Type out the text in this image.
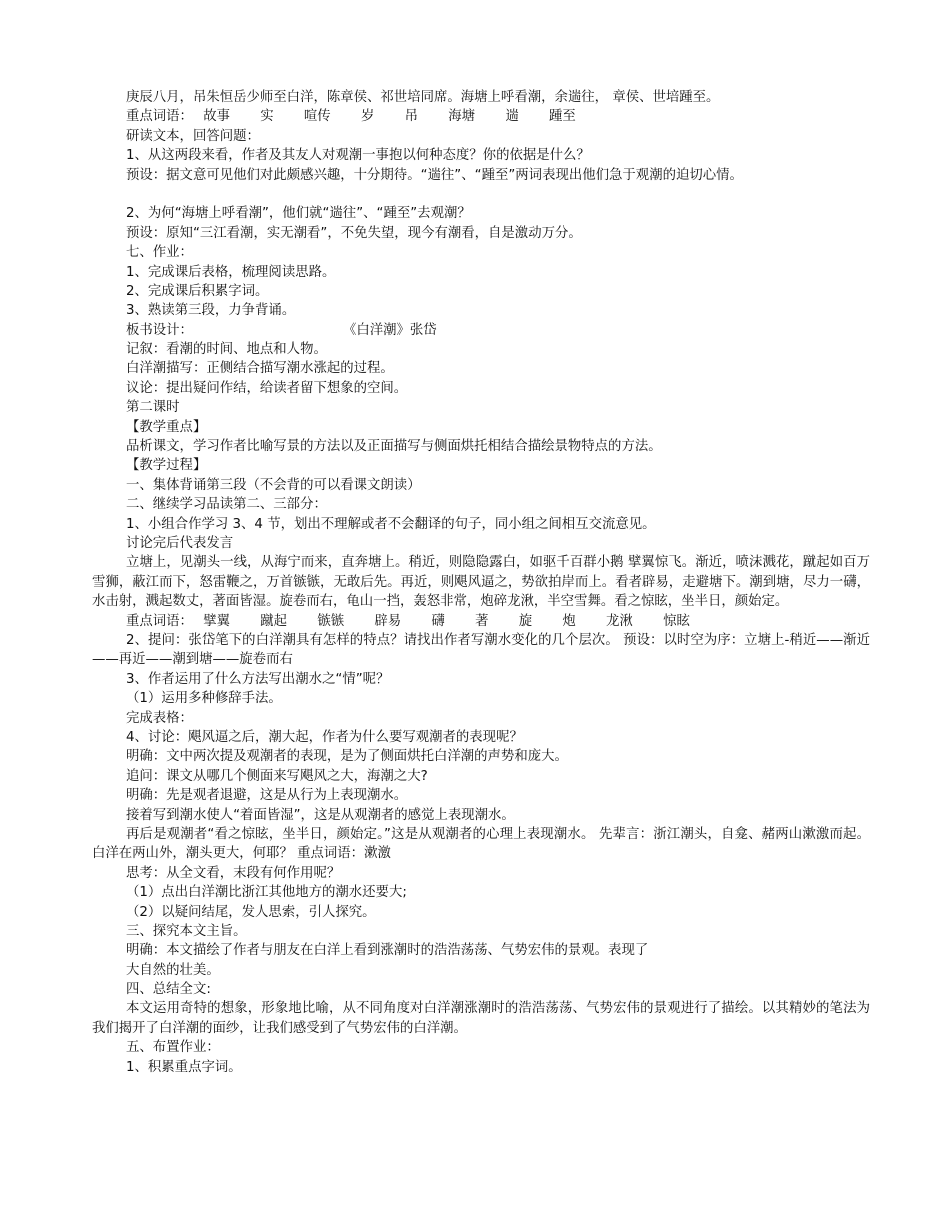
庚辰八月，吊朱恒岳少师至白洋，陈章侯、祁世培同席。海塘上呼看潮，余遄往， 章侯、世培踵至。
重点词语： 故事 实 喧传 岁 吊 海塘 遄 踵至
研读文本，回答问题：
1、从这两段来看，作者及其友人对观潮一事抱以何种态度？你的依据是什么？
预设：据文意可见他们对此颇感兴趣，十分期待。“遄往”、“踵至”两词表现出他们急于观潮的迫切心情。
2、为何“海塘上呼看潮”，他们就“遄往”、“踵至”去观潮？
预设：原知“三江看潮，实无潮看”，不免失望，现今有潮看，自是激动万分。
七、作业：
1、完成课后表格，梳理阅读思路。
2、完成课后积累字词。
3、熟读第三段，力争背诵。
板书设计：	《白洋潮》张岱
记叙：看潮的时间、地点和人物。
白洋潮描写：正侧结合描写潮水涨起的过程。
议论：提出疑问作结，给读者留下想象的空间。
第二课时
【教学重点】
品析课文，学习作者比喻写景的方法以及正面描写与侧面烘托相结合描绘景物特点的方法。
【教学过程】
一、集体背诵第三段（不会背的可以看课文朗读）
二、继续学习品读第二、三部分：
1、小组合作学习 3、4 节，划出不理解或者不会翻译的句子，同小组之间相互交流意见。
讨论完后代表发言
立塘上，见潮头一线，从海宁而来，直奔塘上。稍近，则隐隐露白，如驱千百群小鹅 擘翼惊飞。渐近，喷沫溅花，蹴起如百万雪狮，蔽江而下，怒雷鞭之，万首镞镞，无敢后先。再近，则飓风逼之，势欲拍岸而上。看者辟易，走避塘下。潮到塘，尽力一礴，水击射，溅起数丈，著面皆湿。旋卷而右，龟山一挡，轰怒非常，炮碎龙湫，半空雪舞。看之惊眩，坐半日，颜始定。
重点词语： 擘翼 蹴起 镞镞 辟易 礴 著 旋 炮 龙湫 惊眩
2、提问：张岱笔下的白洋潮具有怎样的特点？请找出作者写潮水变化的几个层次。 预设：以时空为序：立塘上-稍近——渐近——再近——潮到塘——旋卷而右
3、作者运用了什么方法写出潮水之“情”呢？
（1）运用多种修辞手法。
完成表格：
4、讨论：飓风逼之后，潮大起，作者为什么要写观潮者的表现呢？
明确：文中两次提及观潮者的表现，是为了侧面烘托白洋潮的声势和庞大。
追问：课文从哪几个侧面来写飓风之大，海潮之大?
明确：先是观者退避，这是从行为上表现潮水。
接着写到潮水使人“着面皆湿”，这是从观潮者的感觉上表现潮水。
再后是观潮者“看之惊眩，坐半日，颜始定。”这是从观潮者的心理上表现潮水。 先辈言：浙江潮头，自龛、赭两山漱激而起。白洋在两山外，潮头更大，何耶？ 重点词语：漱激
思考：从全文看，末段有何作用呢？
（1）点出白洋潮比浙江其他地方的潮水还要大;
（2）以疑问结尾，发人思索，引人探究。
三、探究本文主旨。
明确：本文描绘了作者与朋友在白洋上看到涨潮时的浩浩荡荡、气势宏伟的景观。表现了
大自然的壮美。
四、总结全文:
本文运用奇特的想象，形象地比喻，从不同角度对白洋潮涨潮时的浩浩荡荡、气势宏伟的景观进行了描绘。以其精妙的笔法为我们揭开了白洋潮的面纱，让我们感受到了气势宏伟的白洋潮。
五、布置作业：
1、积累重点字词。
